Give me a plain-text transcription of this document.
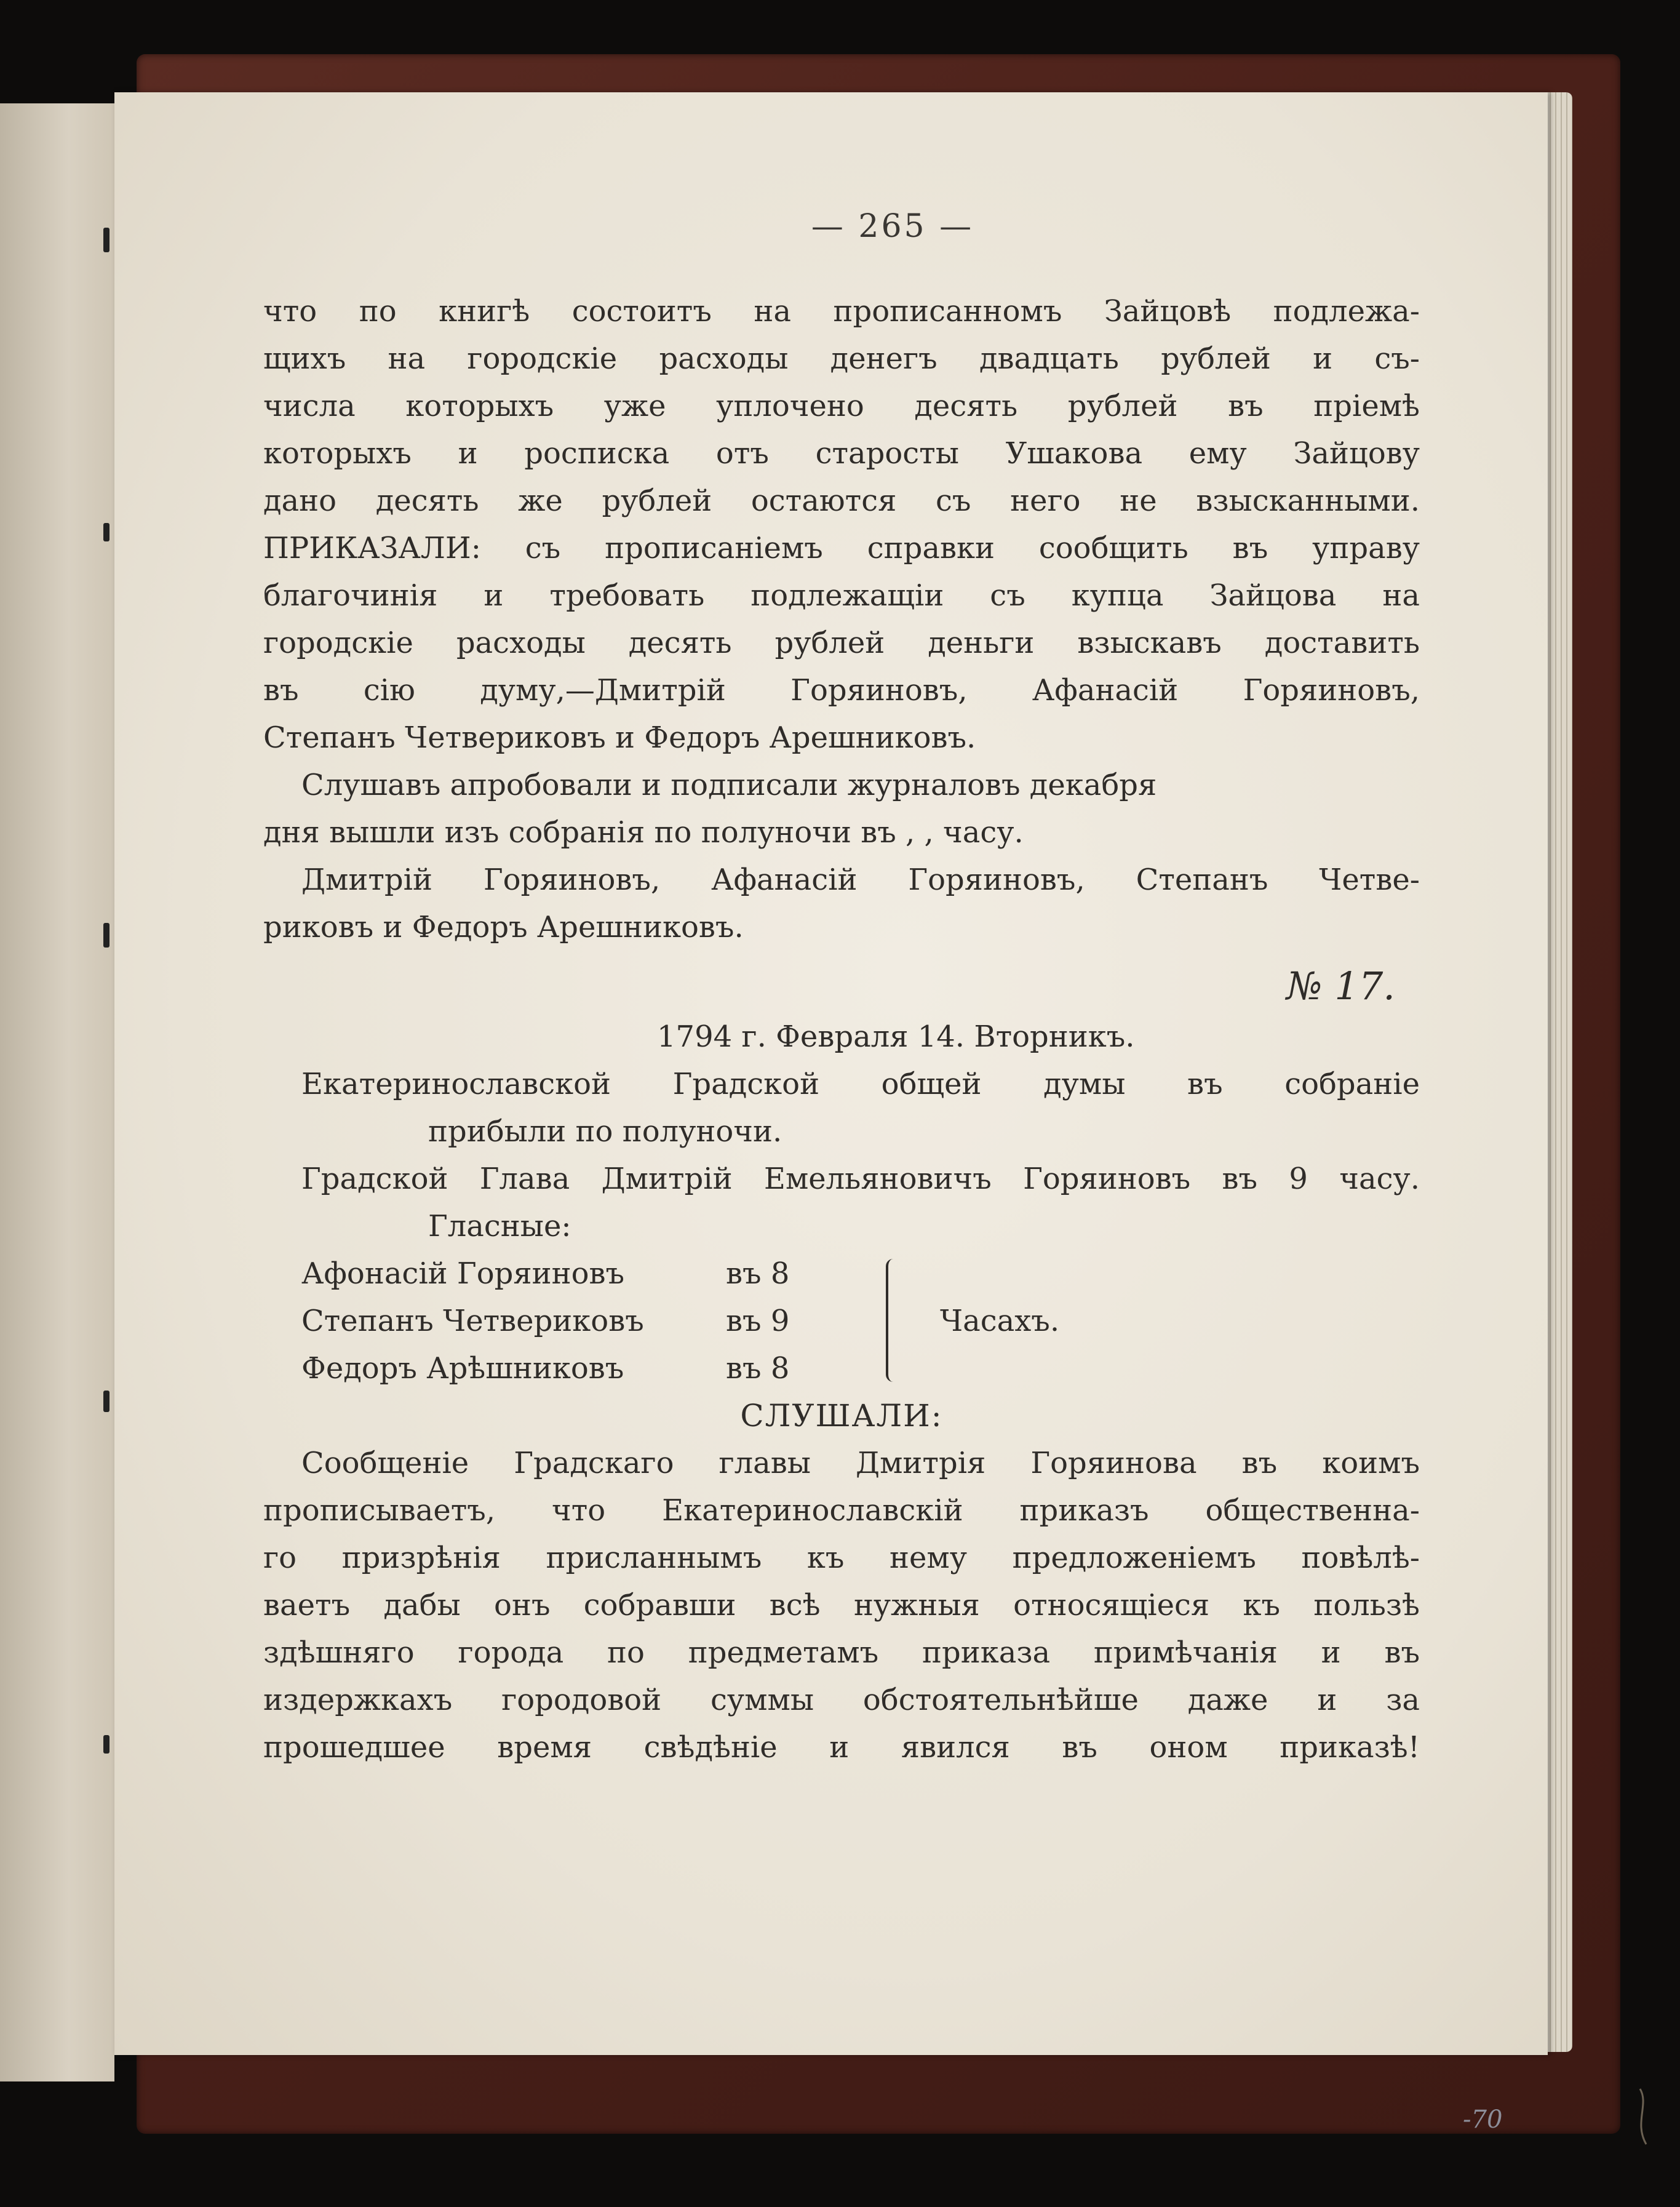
— 265 —
что по книгѣ состоитъ на прописанномъ Зайцовѣ подлежа-
щихъ на городскіе расходы денегъ двадцать рублей и съ-
числа которыхъ уже уплочено десять рублей въ пріемѣ
которыхъ и росписка отъ старосты Ушакова ему Зайцову
дано десять же рублей остаются съ него не взысканными.
ПРИКАЗАЛИ: съ прописаніемъ справки сообщить въ управу
благочинія и требовать подлежащіи съ купца Зайцова на
городскіе расходы десять рублей деньги взыскавъ доставить
въ сію думу,—Дмитрій Горяиновъ, Афанасій Горяиновъ,
Степанъ Четвериковъ и Федоръ Арешниковъ.
Слушавъ апробовали и подписали журналовъ декабря
дня вышли изъ собранія по полуночи въ , , часу.
Дмитрій Горяиновъ, Афанасій Горяиновъ, Степанъ Четве-
риковъ и Федоръ Арешниковъ.
№ 17.
1794 г. Февраля 14. Вторникъ.
Екатеринославской Градской общей думы въ собраніе
прибыли по полуночи.
Градской Глава Дмитрій Емельяновичъ Горяиновъ въ 9 часу.
Гласные:
Афонасій Горяиновъ	въ 8
Степанъ Четвериковъ	въ 9
Федоръ Арѣшниковъ	въ 8
Часахъ.
СЛУШАЛИ:
Сообщеніе Градскаго главы Дмитрія Горяинова въ коимъ
прописываетъ, что Екатеринославскій приказъ общественна-
го призрѣнія присланнымъ къ нему предложеніемъ повѣлѣ-
ваетъ дабы онъ собравши всѣ нужныя относящіеся къ пользѣ
здѣшняго города по предметамъ приказа примѣчанія и въ
издержкахъ городовой суммы обстоятельнѣйше даже и за
прошедшее время свѣдѣніе и явился въ оном приказѣ!
-70
